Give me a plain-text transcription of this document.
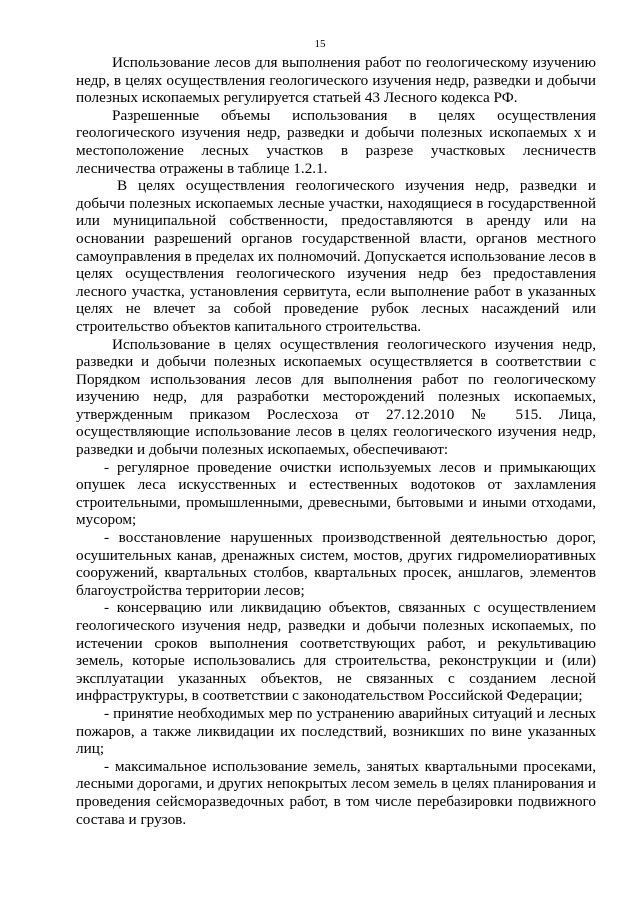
15

Использование лесов для выполнения работ по геологическому изучению недр, в целях осуществления геологического изучения недр, разведки и добычи полезных ископаемых регулируется статьей 43 Лесного кодекса РФ.

Разрешенные объемы использования в целях осуществления геологического изучения недр, разведки и добычи полезных ископаемых х и местоположение лесных участков в разрезе участковых лесничеств лесничества отражены в таблице 1.2.1.

В целях осуществления геологического изучения недр, разведки и добычи полезных ископаемых лесные участки, находящиеся в государственной или муниципальной собственности, предоставляются в аренду или на основании разрешений органов государственной власти, органов местного самоуправления в пределах их полномочий. Допускается использование лесов в целях осуществления геологического изучения недр без предоставления лесного участка, установления сервитута, если выполнение работ в указанных целях не влечет за собой проведение рубок лесных насаждений или строительство объектов капитального строительства.

Использование в целях осуществления геологического изучения недр, разведки и добычи полезных ископаемых осуществляется в соответствии с Порядком использования лесов для выполнения работ по геологическому изучению недр, для разработки месторождений полезных ископаемых, утвержденным приказом Рослесхоза от 27.12.2010 № 515. Лица, осуществляющие использование лесов в целях геологического изучения недр, разведки и добычи полезных ископаемых, обеспечивают:

- регулярное проведение очистки используемых лесов и примыкающих опушек леса искусственных и естественных водотоков от захламления строительными, промышленными, древесными, бытовыми и иными отходами, мусором;

- восстановление нарушенных производственной деятельностью дорог, осушительных канав, дренажных систем, мостов, других гидромелиоративных сооружений, квартальных столбов, квартальных просек, аншлагов, элементов благоустройства территории лесов;

- консервацию или ликвидацию объектов, связанных с осуществлением геологического изучения недр, разведки и добычи полезных ископаемых, по истечении сроков выполнения соответствующих работ, и рекультивацию земель, которые использовались для строительства, реконструкции и (или) эксплуатации указанных объектов, не связанных с созданием лесной инфраструктуры, в соответствии с законодательством Российской Федерации;

- принятие необходимых мер по устранению аварийных ситуаций и лесных пожаров, а также ликвидации их последствий, возникших по вине указанных лиц;

- максимальное использование земель, занятых квартальными просеками, лесными дорогами, и других непокрытых лесом земель в целях планирования и проведения сейсморазведочных работ, в том числе перебазировки подвижного состава и грузов.
